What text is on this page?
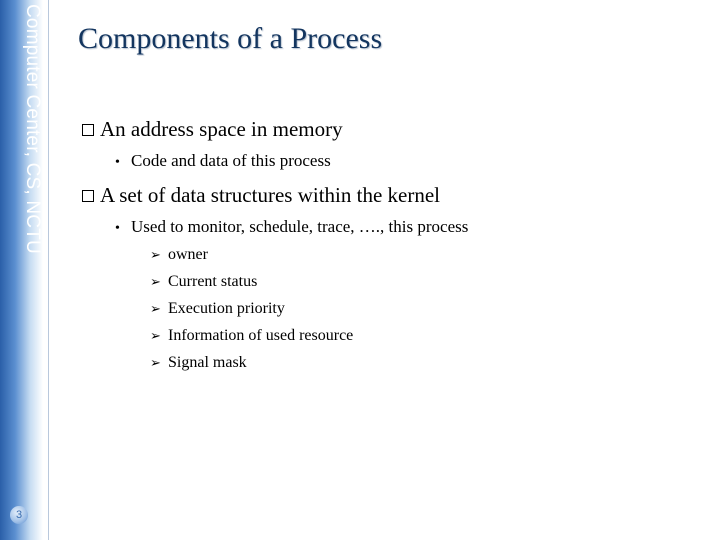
Computer Center, CS, NCTU
3
Components of a Process
An address space in memory
• Code and data of this process
A set of data structures within the kernel
• Used to monitor, schedule, trace, …., this process
➢ owner
➢ Current status
➢ Execution priority
➢ Information of used resource
➢ Signal mask
